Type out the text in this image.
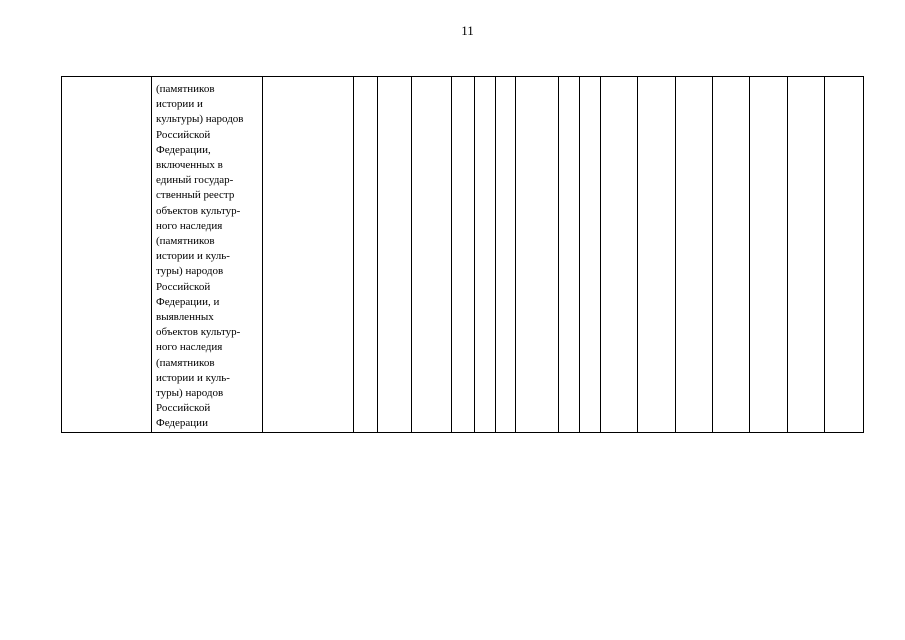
11

(памятников
истории и
культуры) народов
Российской
Федерации,
включенных в
единый государ-
ственный реестр
объектов культур-
ного наследия
(памятников
истории и куль-
туры) народов
Российской
Федерации, и
выявленных
объектов культур-
ного наследия
(памятников
истории и куль-
туры) народов
Российской
Федерации
